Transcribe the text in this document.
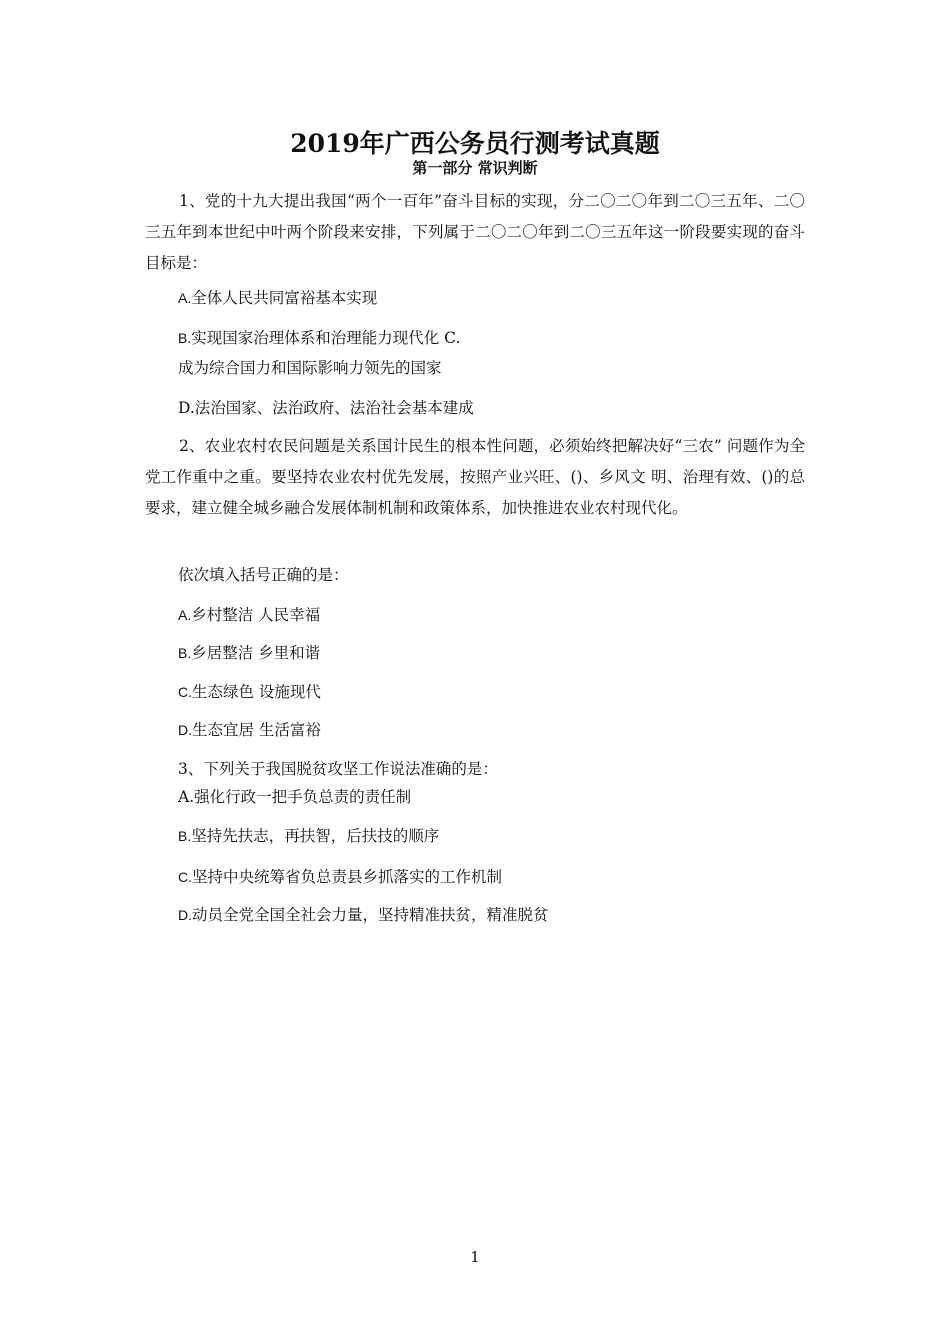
2019年广西公务员行测考试真题
第一部分 常识判断
1、党的十九大提出我国“两个一百年”奋斗目标的实现，分二〇二〇年到二〇三五年、二〇三五年到本世纪中叶两个阶段来安排，下列属于二〇二〇年到二〇三五年这一阶段要实现的奋斗目标是：
A.全体人民共同富裕基本实现
B.实现国家治理体系和治理能力现代化 C.
成为综合国力和国际影响力领先的国家
D.法治国家、法治政府、法治社会基本建成
2、农业农村农民问题是关系国计民生的根本性问题，必须始终把解决好“三农” 问题作为全党工作重中之重。要坚持农业农村优先发展，按照产业兴旺、()、乡风文 明、治理有效、()的总要求，建立健全城乡融合发展体制机制和政策体系，加快推进农业农村现代化。
依次填入括号正确的是：
A.乡村整洁 人民幸福
B.乡居整洁 乡里和谐
C.生态绿色 设施现代
D.生态宜居 生活富裕
3、下列关于我国脱贫攻坚工作说法准确的是：
A.强化行政一把手负总责的责任制
B.坚持先扶志，再扶智，后扶技的顺序
C.坚持中央统筹省负总责县乡抓落实的工作机制
D.动员全党全国全社会力量，坚持精准扶贫，精准脱贫
1
